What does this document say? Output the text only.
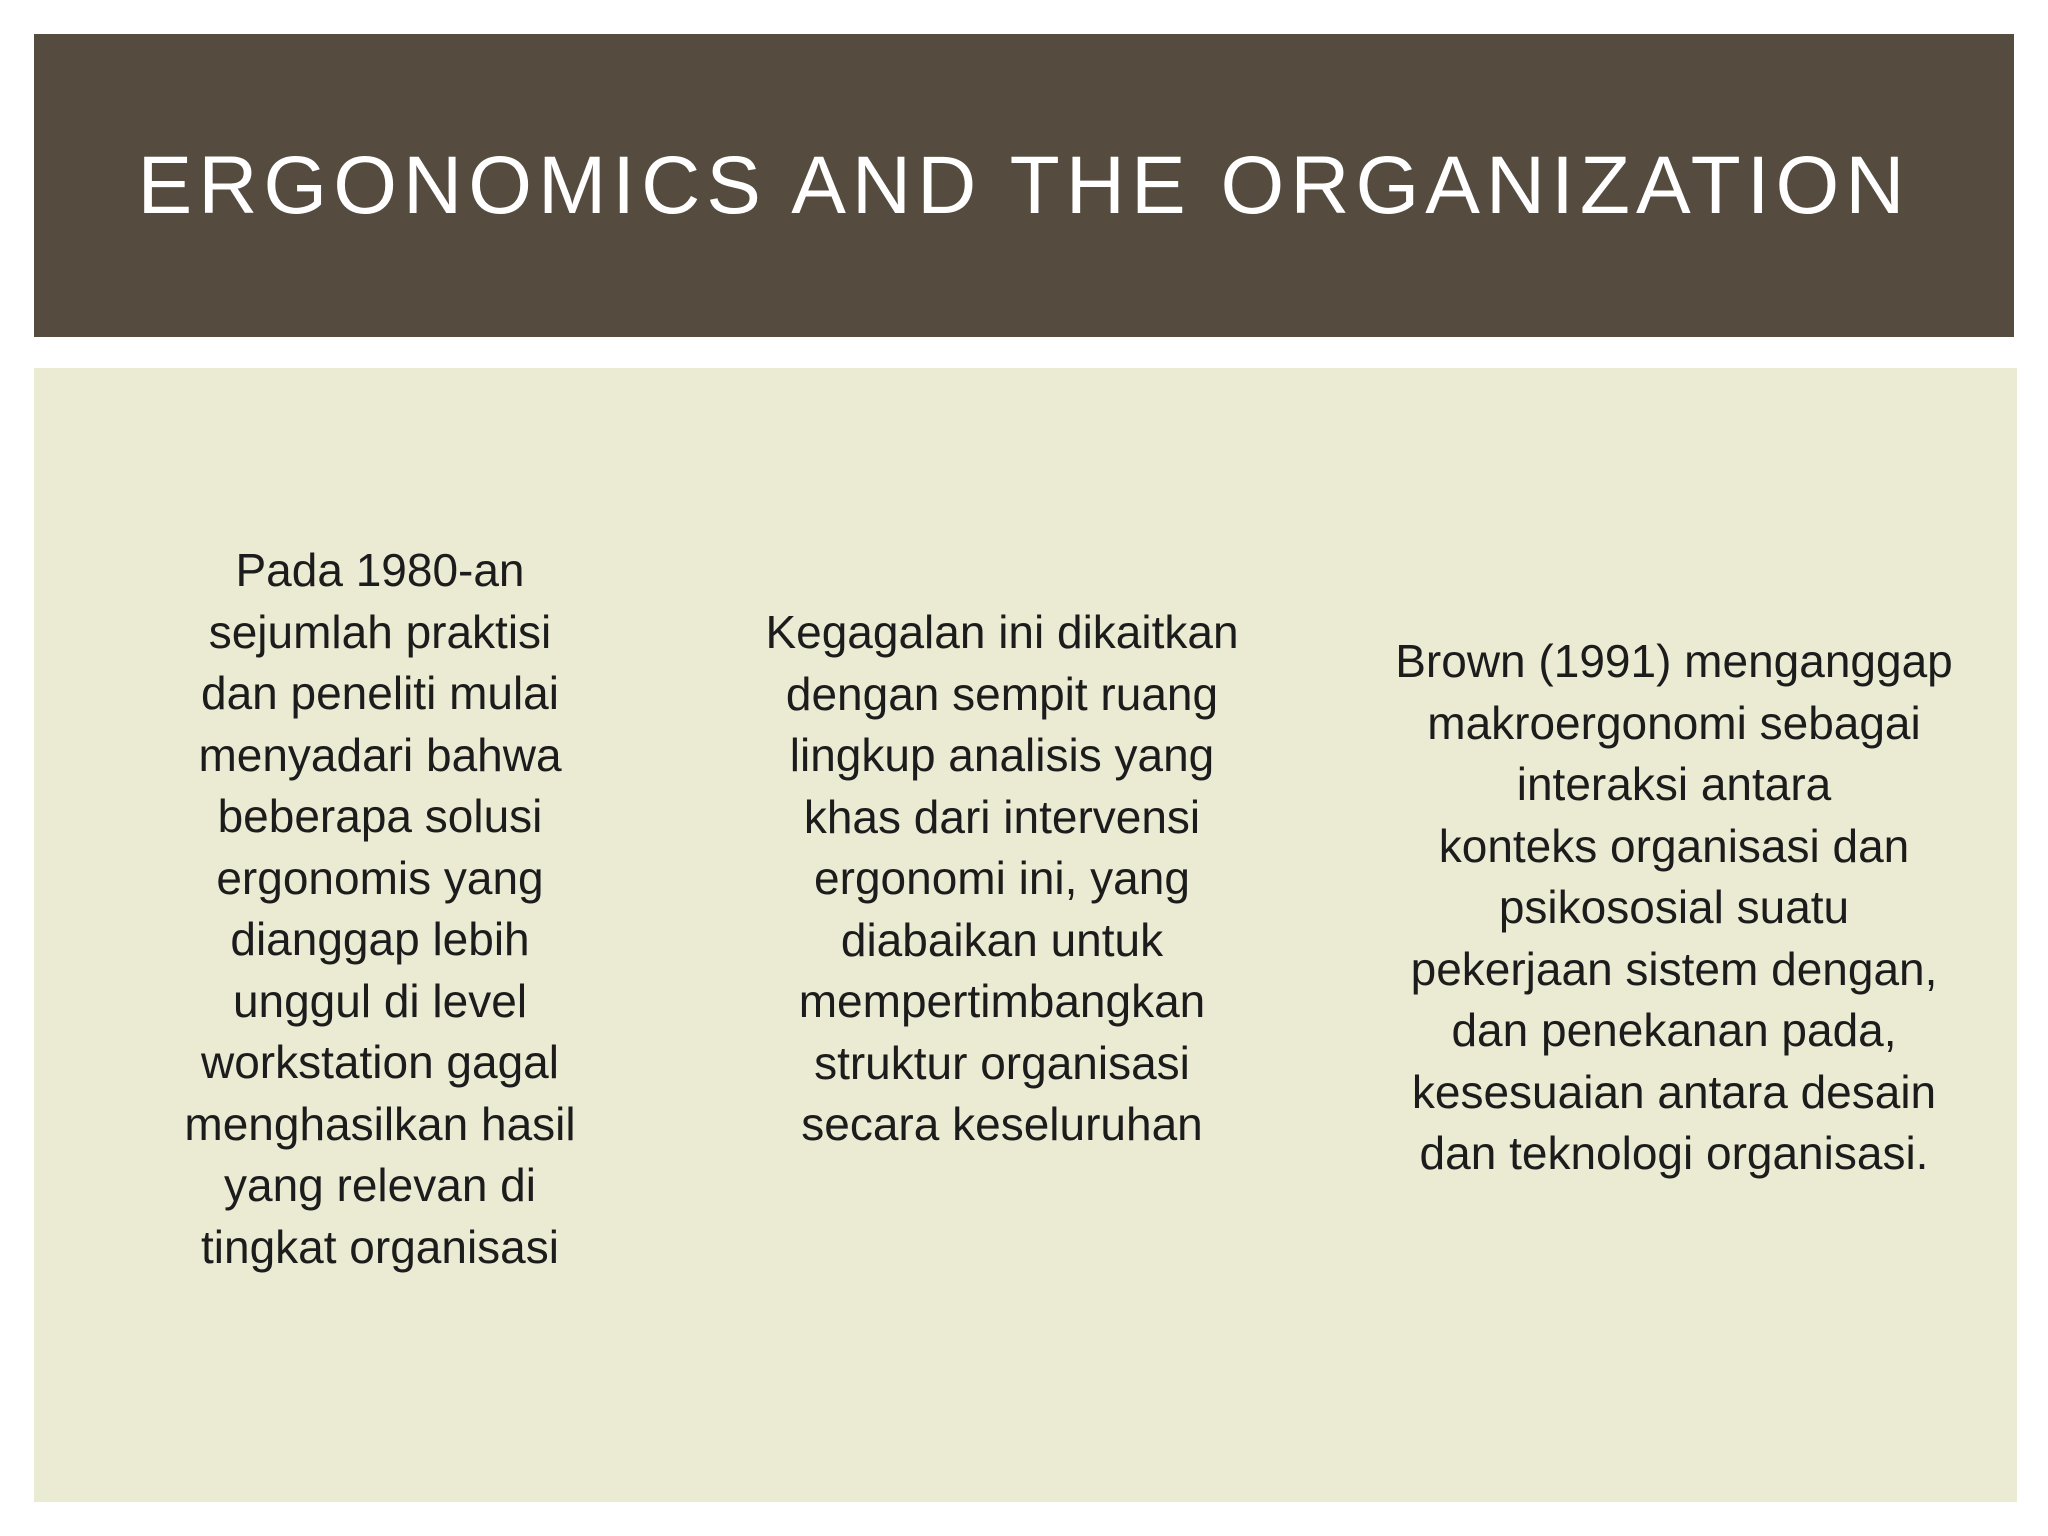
ERGONOMICS AND THE ORGANIZATION
Pada 1980-an
sejumlah praktisi
dan peneliti mulai
menyadari bahwa
beberapa solusi
ergonomis yang
dianggap lebih
unggul di level
workstation gagal
menghasilkan hasil
yang relevan di
tingkat organisasi
Kegagalan ini dikaitkan
dengan sempit ruang
lingkup analisis yang
khas dari intervensi
ergonomi ini, yang
diabaikan untuk
mempertimbangkan
struktur organisasi
secara keseluruhan
Brown (1991) menganggap
makroergonomi sebagai
interaksi antara
konteks organisasi dan
psikososial suatu
pekerjaan sistem dengan,
dan penekanan pada,
kesesuaian antara desain
dan teknologi organisasi.
